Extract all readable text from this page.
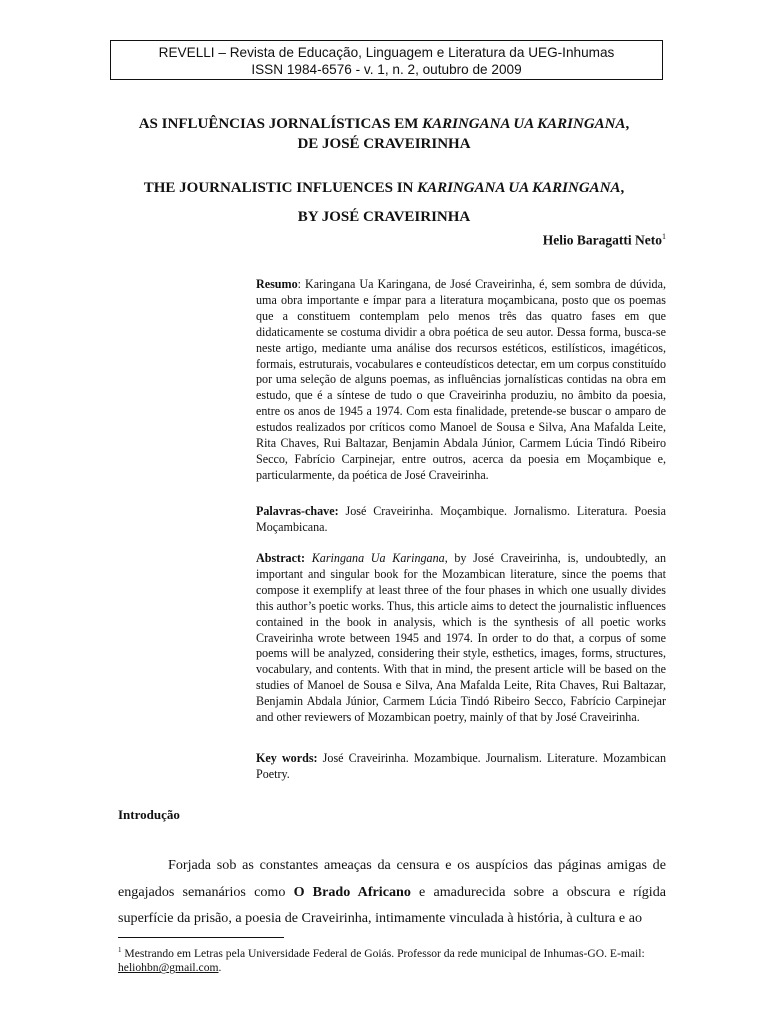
REVELLI – Revista de Educação, Linguagem e Literatura da UEG-Inhumas
ISSN 1984-6576 - v. 1, n. 2, outubro de 2009
AS INFLUÊNCIAS JORNALÍSTICAS EM KARINGANA UA KARINGANA,
DE JOSÉ CRAVEIRINHA
THE JOURNALISTIC INFLUENCES IN KARINGANA UA KARINGANA,
BY JOSÉ CRAVEIRINHA
Helio Baragatti Neto$^1$

Resumo: Karingana Ua Karingana, de José Craveirinha, é, sem sombra de dúvida, uma obra importante e ímpar para a literatura moçambicana, posto que os poemas que a constituem contemplam pelo menos três das quatro fases em que didaticamente se costuma dividir a obra poética de seu autor. Dessa forma, busca-se neste artigo, mediante uma análise dos recursos estéticos, estilísticos, imagéticos, formais, estruturais, vocabulares e conteudísticos detectar, em um corpus constituído por uma seleção de alguns poemas, as influências jornalísticas contidas na obra em estudo, que é a síntese de tudo o que Craveirinha produziu, no âmbito da poesia, entre os anos de 1945 a 1974. Com esta finalidade, pretende-se buscar o amparo de estudos realizados por críticos como Manoel de Sousa e Silva, Ana Mafalda Leite, Rita Chaves, Rui Baltazar, Benjamin Abdala Júnior, Carmem Lúcia Tindó Ribeiro Secco, Fabrício Carpinejar, entre outros, acerca da poesia em Moçambique e, particularmente, da poética de José Craveirinha.

Palavras-chave: José Craveirinha. Moçambique. Jornalismo. Literatura. Poesia Moçambicana.

Abstract: Karingana Ua Karingana, by José Craveirinha, is, undoubtedly, an important and singular book for the Mozambican literature, since the poems that compose it exemplify at least three of the four phases in which one usually divides this author’s poetic works. Thus, this article aims to detect the journalistic influences contained in the book in analysis, which is the synthesis of all poetic works Craveirinha wrote between 1945 and 1974. In order to do that, a corpus of some poems will be analyzed, considering their style, esthetics, images, forms, structures, vocabulary, and contents. With that in mind, the present article will be based on the studies of Manoel de Sousa e Silva, Ana Mafalda Leite, Rita Chaves, Rui Baltazar, Benjamin Abdala Júnior, Carmem Lúcia Tindó Ribeiro Secco, Fabrício Carpinejar and other reviewers of Mozambican poetry, mainly of that by José Craveirinha.

Key words: José Craveirinha. Mozambique. Journalism. Literature. Mozambican Poetry.

Introdução

Forjada sob as constantes ameaças da censura e os auspícios das páginas amigas de engajados semanários como O Brado Africano e amadurecida sobre a obscura e rígida superfície da prisão, a poesia de Craveirinha, intimamente vinculada à história, à cultura e ao

$^1$ Mestrando em Letras pela Universidade Federal de Goiás. Professor da rede municipal de Inhumas-GO. E-mail: heliohbn@gmail.com.
